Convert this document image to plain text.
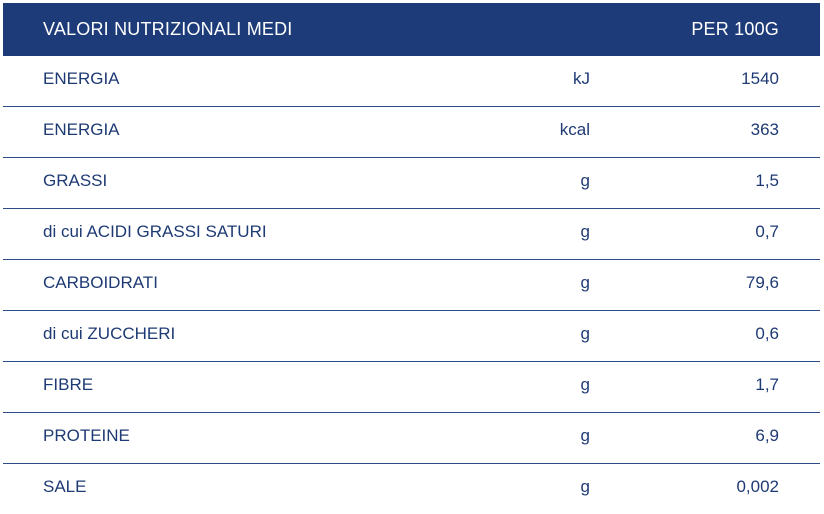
VALORI NUTRIZIONALI MEDI	PER 100G
ENERGIA	kJ	1540
ENERGIA	kcal	363
GRASSI	g	1,5
di cui ACIDI GRASSI SATURI	g	0,7
CARBOIDRATI	g	79,6
di cui ZUCCHERI	g	0,6
FIBRE	g	1,7
PROTEINE	g	6,9
SALE	g	0,002
